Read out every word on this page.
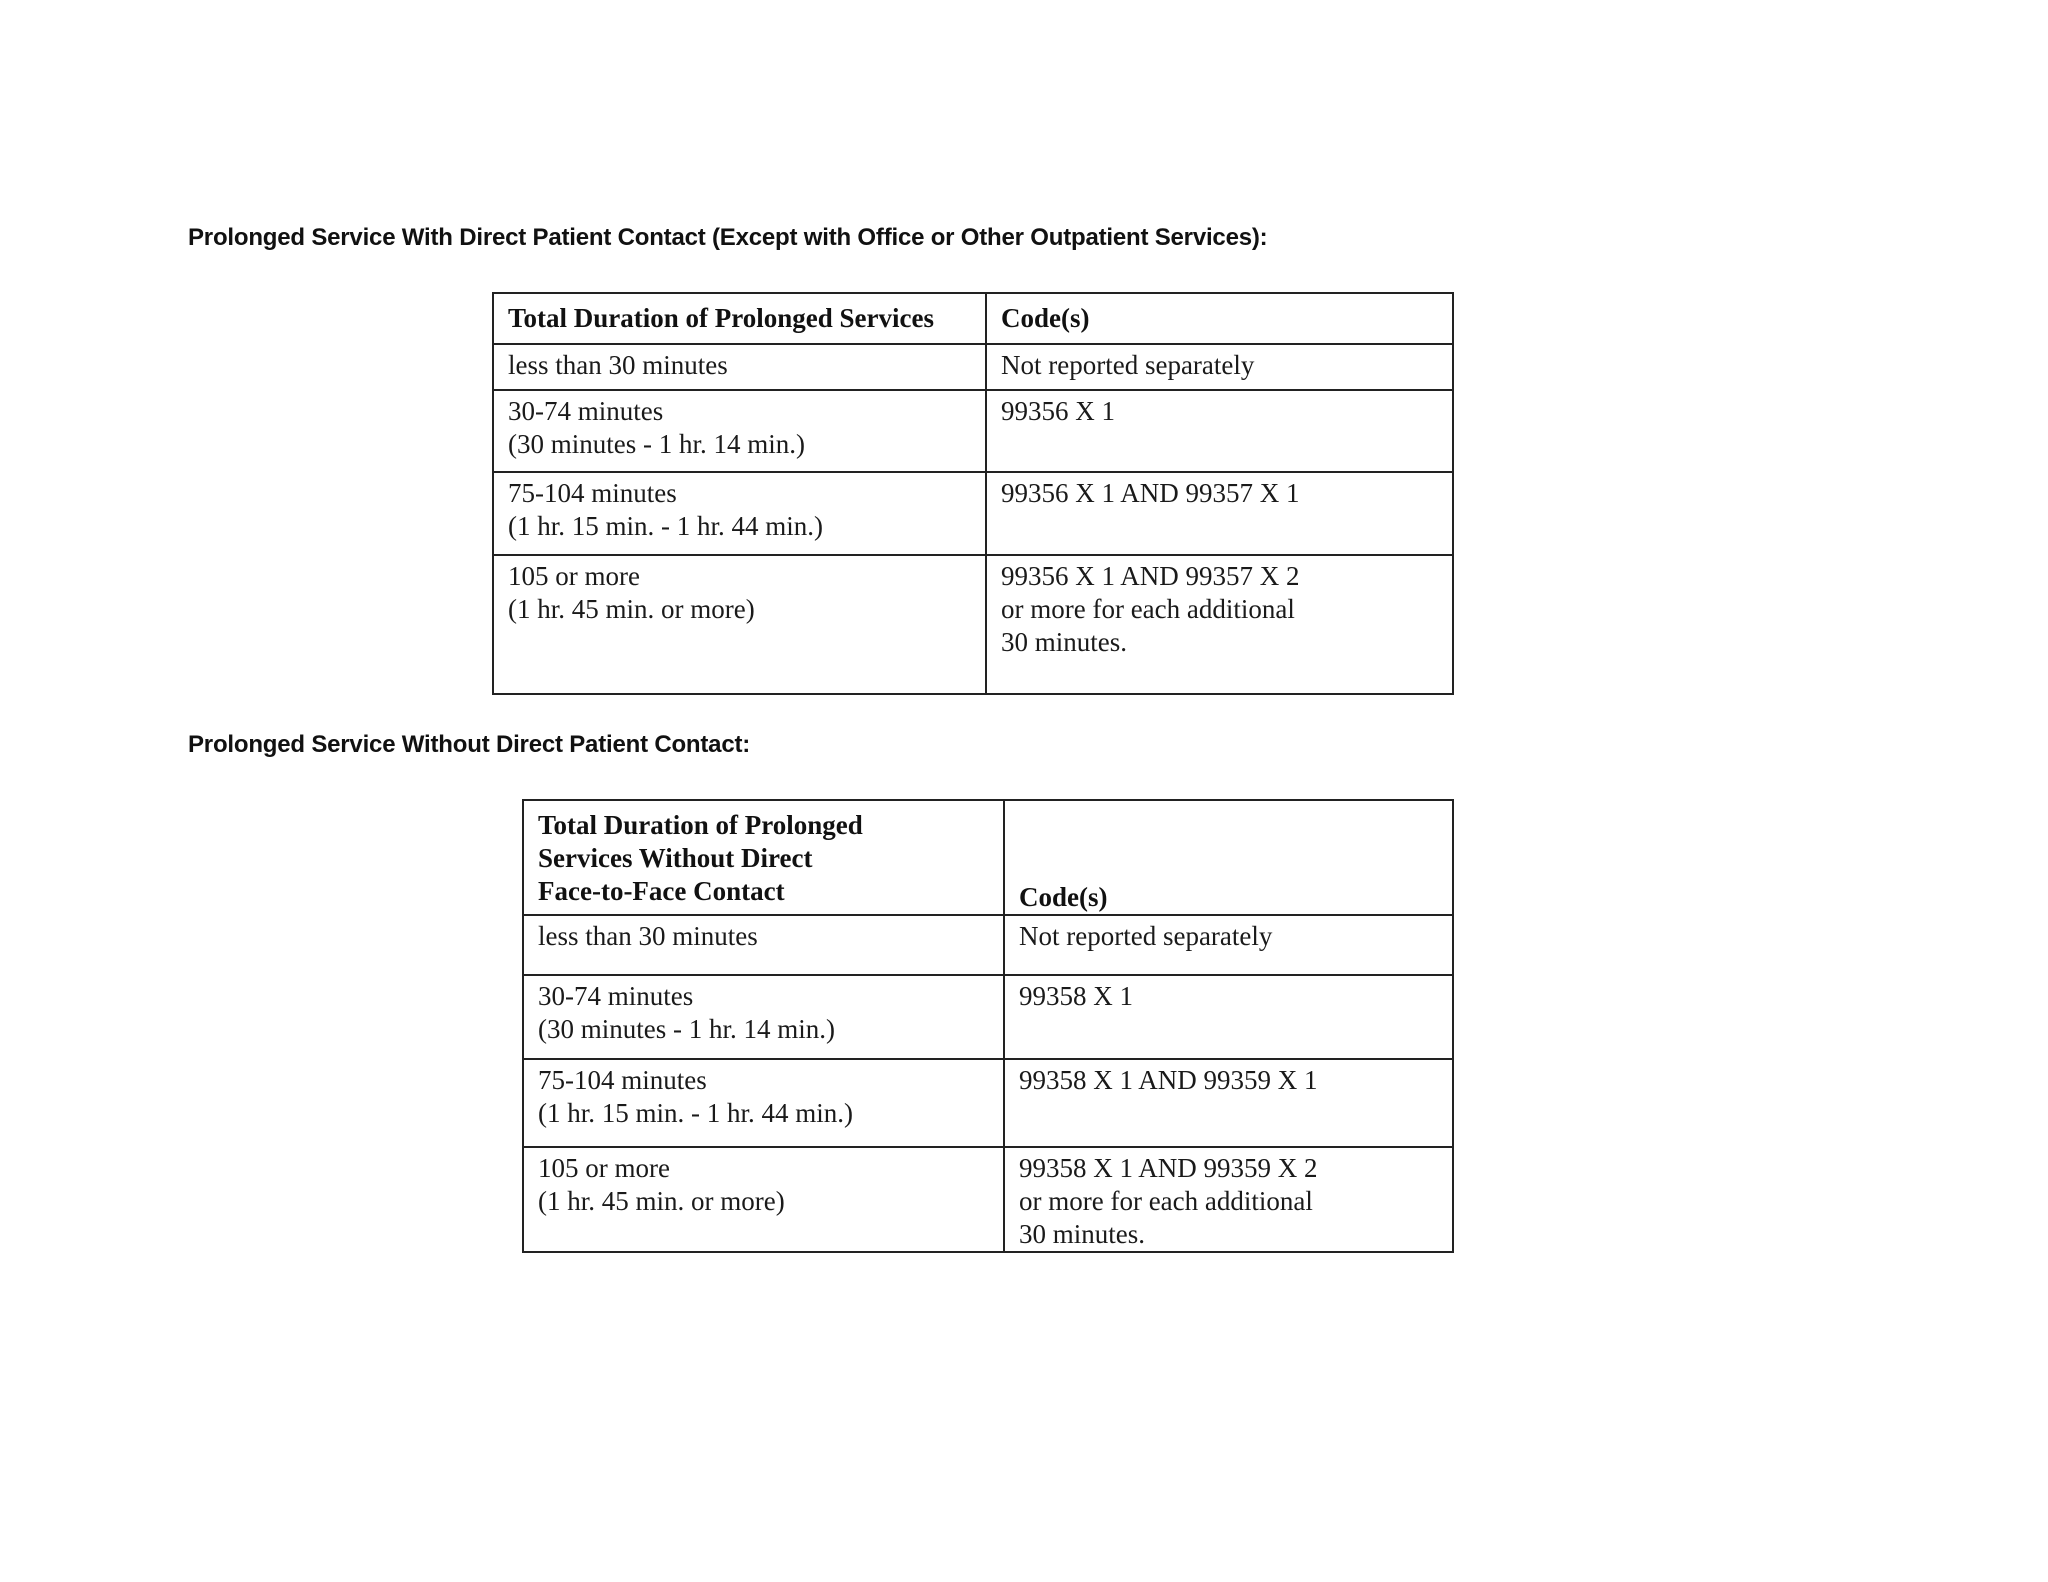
Prolonged Service With Direct Patient Contact (Except with Office or Other Outpatient Services):
Total Duration of Prolonged Services	Code(s)

less than 30 minutes	Not reported separately

30-74 minutes
(30 minutes - 1 hr. 14 min.)	99356 X 1

75-104 minutes
(1 hr. 15 min. - 1 hr. 44 min.)	99356 X 1 AND 99357 X 1

105 or more
(1 hr. 45 min. or more)	99356 X 1 AND 99357 X 2
or more for each additional
30 minutes.
Prolonged Service Without Direct Patient Contact:
Total Duration of Prolonged
Services Without Direct
Face-to-Face Contact	Code(s)

less than 30 minutes	Not reported separately

30-74 minutes
(30 minutes - 1 hr. 14 min.)	99358 X 1

75-104 minutes
(1 hr. 15 min. - 1 hr. 44 min.)	99358 X 1 AND 99359 X 1

105 or more
(1 hr. 45 min. or more)	99358 X 1 AND 99359 X 2
or more for each additional
30 minutes.
